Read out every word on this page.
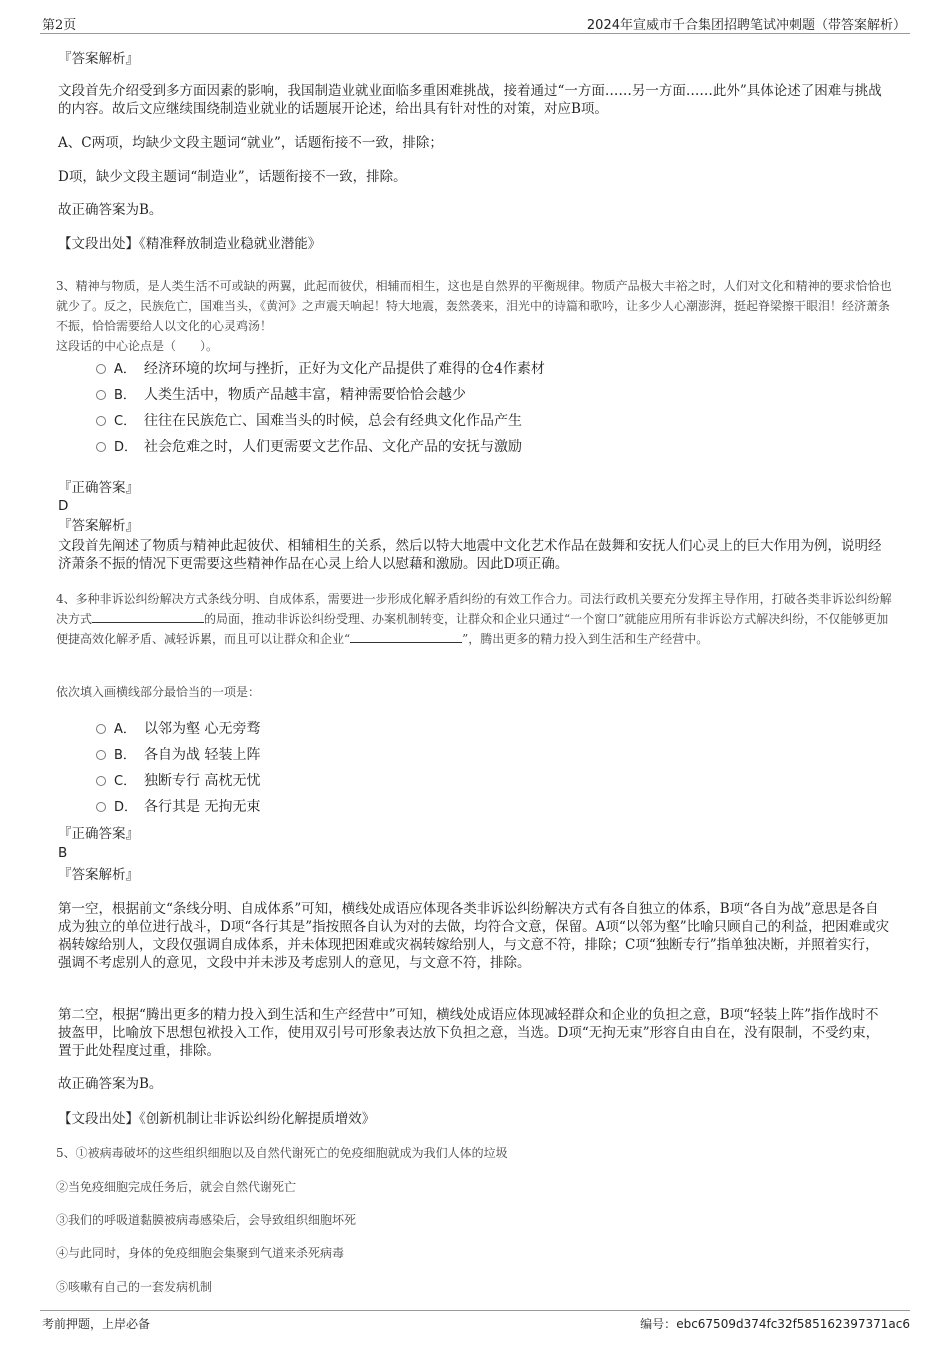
第2页	2024年宣威市千合集团招聘笔试冲刺题（带答案解析）
『答案解析』
文段首先介绍受到多方面因素的影响，我国制造业就业面临多重困难挑战，接着通过“一方面……另一方面……此外”具体论述了困难与挑战的内容。故后文应继续围绕制造业就业的话题展开论述，给出具有针对性的对策，对应B项。
A、C两项，均缺少文段主题词“就业”，话题衔接不一致，排除；
D项，缺少文段主题词“制造业”，话题衔接不一致，排除。
故正确答案为B。
【文段出处】《精准释放制造业稳就业潜能》
3、精神与物质，是人类生活不可或缺的两翼，此起而彼伏，相辅而相生，这也是自然界的平衡规律。物质产品极大丰裕之时，人们对文化和精神的要求恰恰也就少了。反之，民族危亡，国难当头，《黄河》之声震天响起！特大地震，轰然袭来，泪光中的诗篇和歌吟，让多少人心潮澎湃，挺起脊梁擦干眼泪！经济萧条不振，恰恰需要给人以文化的心灵鸡汤！
这段话的中心论点是（　　）。
A． 经济环境的坎坷与挫折，正好为文化产品提供了难得的仓4作素材
B． 人类生活中，物质产品越丰富，精神需要恰恰会越少
C． 往往在民族危亡、国难当头的时候，总会有经典文化作品产生
D． 社会危难之时，人们更需要文艺作品、文化产品的安抚与激励
『正确答案』
D
『答案解析』
文段首先阐述了物质与精神此起彼伏、相辅相生的关系，然后以特大地震中文化艺术作品在鼓舞和安抚人们心灵上的巨大作用为例，说明经济萧条不振的情况下更需要这些精神作品在心灵上给人以慰藉和激励。因此D项正确。
4、多种非诉讼纠纷解决方式条线分明、自成体系，需要进一步形成化解矛盾纠纷的有效工作合力。司法行政机关要充分发挥主导作用，打破各类非诉讼纠纷解决方式	的局面，推动非诉讼纠纷受理、办案机制转变，让群众和企业只通过“一个窗口”就能应用所有非诉讼方式解决纠纷，不仅能够更加便捷高效化解矛盾、减轻诉累，而且可以让群众和企业“	”，腾出更多的精力投入到生活和生产经营中。
依次填入画横线部分最恰当的一项是：
A． 以邻为壑 心无旁骛
B． 各自为战 轻装上阵
C． 独断专行 高枕无忧
D． 各行其是 无拘无束
『正确答案』
B
『答案解析』
第一空，根据前文“条线分明、自成体系”可知，横线处成语应体现各类非诉讼纠纷解决方式有各自独立的体系，B项“各自为战”意思是各自成为独立的单位进行战斗，D项“各行其是”指按照各自认为对的去做，均符合文意，保留。A项“以邻为壑”比喻只顾自己的利益，把困难或灾祸转嫁给别人，文段仅强调自成体系，并未体现把困难或灾祸转嫁给别人，与文意不符，排除；C项“独断专行”指单独决断，并照着实行，强调不考虑别人的意见，文段中并未涉及考虑别人的意见，与文意不符，排除。
第二空，根据“腾出更多的精力投入到生活和生产经营中”可知，横线处成语应体现减轻群众和企业的负担之意，B项“轻装上阵”指作战时不披盔甲，比喻放下思想包袱投入工作，使用双引号可形象表达放下负担之意，当选。D项“无拘无束”形容自由自在，没有限制，不受约束，置于此处程度过重，排除。
故正确答案为B。
【文段出处】《创新机制让非诉讼纠纷化解提质增效》
5、①被病毒破坏的这些组织细胞以及自然代谢死亡的免疫细胞就成为我们人体的垃圾
②当免疫细胞完成任务后，就会自然代谢死亡
③我们的呼吸道黏膜被病毒感染后，会导致组织细胞坏死
④与此同时，身体的免疫细胞会集聚到气道来杀死病毒
⑤咳嗽有自己的一套发病机制
考前押题，上岸必备	编号：ebc67509d374fc32f585162397371ac6
